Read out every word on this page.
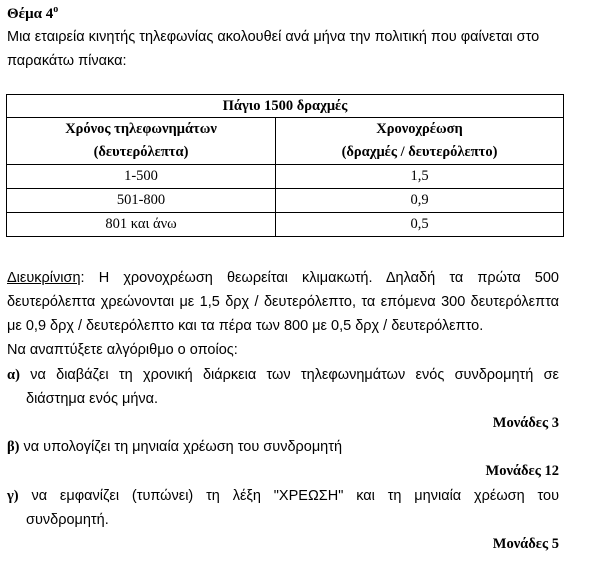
Θέμα $4^o$
Μια εταιρεία κινητής τηλεφωνίας ακολουθεί ανά μήνα την πολιτική που φαίνεται στο
παρακάτω πίνακα:
Πάγιο 1500 δραχμές	
Χρόνος τηλεφωνημάτων
(δευτερόλεπτα)	Χρονοχρέωση
(δραχμές / δευτερόλεπτο)
1-500	1,5
501-800	0,9
801 και άνω	0,5
Διευκρίνιση: Η χρονοχρέωση θεωρείται κλιμακωτή. Δηλαδή τα πρώτα 500
δευτερόλεπτα χρεώνονται με 1,5 δρχ / δευτερόλεπτο, τα επόμενα 300 δευτερόλεπτα
με 0,9 δρχ / δευτερόλεπτο και τα πέρα των 800 με 0,5 δρχ / δευτερόλεπτο.
Να αναπτύξετε αλγόριθμο ο οποίος:
α) να διαβάζει τη χρονική διάρκεια των τηλεφωνημάτων ενός συνδρομητή σε
διάστημα ενός μήνα.
Μονάδες 3
β) να υπολογίζει τη μηνιαία χρέωση του συνδρομητή
Μονάδες 12
γ) να εμφανίζει (τυπώνει) τη λέξη "ΧΡΕΩΣΗ" και τη μηνιαία χρέωση του
συνδρομητή.
Μονάδες 5
